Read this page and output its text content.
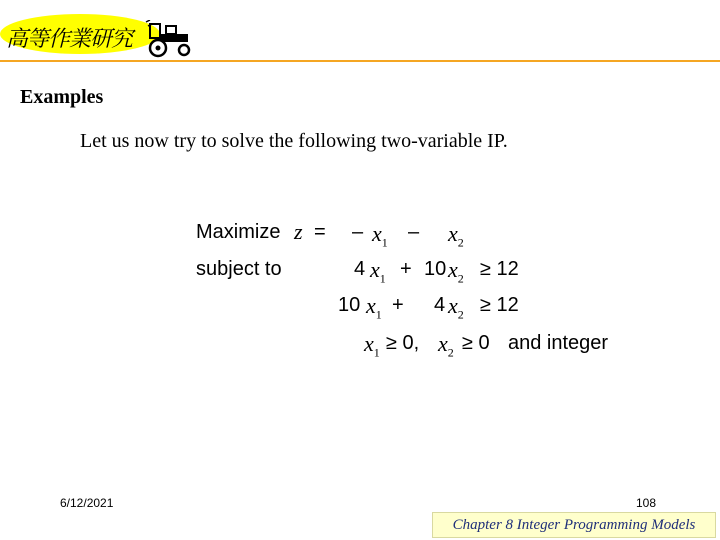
高等作業研究
Examples
Let us now try to solve the following two-variable IP.
Maximize z = – $x_1 - x_2$
subject to	4 $x_1 + 10$ $x_2 \ge 12$
10 $x_1 + 4$ $x_2 \ge 12$
$x_1 \ge 0$, $x_2 \ge 0$ and integer
6/12/2021	108
Chapter 8 Integer Programming Models
